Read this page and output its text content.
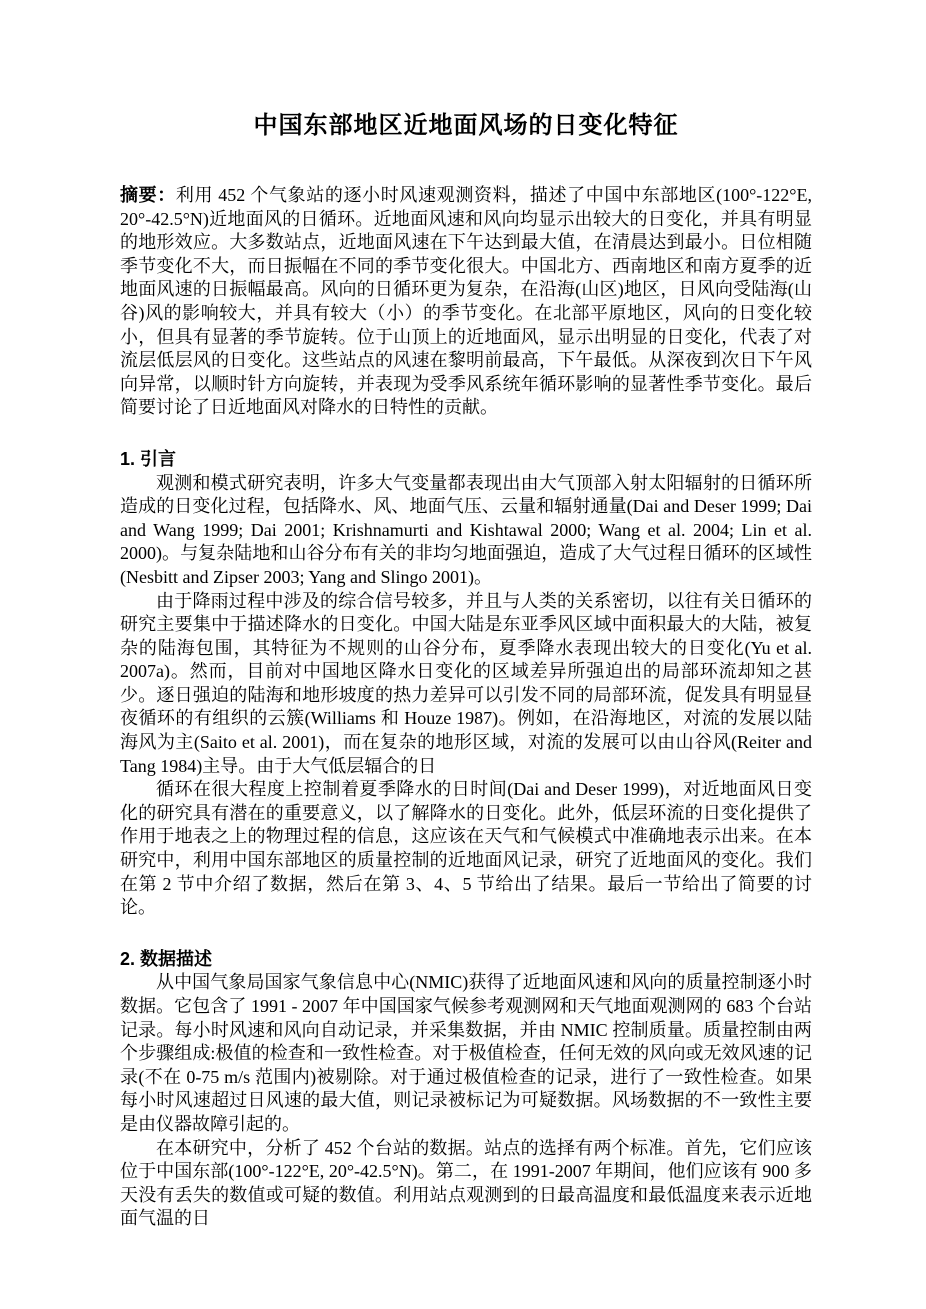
中国东部地区近地面风场的日变化特征

摘要：利用 452 个气象站的逐小时风速观测资料，描述了中国中东部地区(100°-122°E, 20°-42.5°N)近地面风的日循环。近地面风速和风向均显示出较大的日变化，并具有明显的地形效应。大多数站点，近地面风速在下午达到最大值，在清晨达到最小。日位相随季节变化不大，而日振幅在不同的季节变化很大。中国北方、西南地区和南方夏季的近地面风速的日振幅最高。风向的日循环更为复杂，在沿海(山区)地区，日风向受陆海(山谷)风的影响较大，并具有较大（小）的季节变化。在北部平原地区，风向的日变化较小，但具有显著的季节旋转。位于山顶上的近地面风，显示出明显的日变化，代表了对流层低层风的日变化。这些站点的风速在黎明前最高，下午最低。从深夜到次日下午风向异常，以顺时针方向旋转，并表现为受季风系统年循环影响的显著性季节变化。最后简要讨论了日近地面风对降水的日特性的贡献。

1. 引言

观测和模式研究表明，许多大气变量都表现出由大气顶部入射太阳辐射的日循环所造成的日变化过程，包括降水、风、地面气压、云量和辐射通量(Dai and Deser 1999; Dai and Wang 1999; Dai 2001; Krishnamurti and Kishtawal 2000; Wang et al. 2004; Lin et al. 2000)。与复杂陆地和山谷分布有关的非均匀地面强迫，造成了大气过程日循环的区域性(Nesbitt and Zipser 2003; Yang and Slingo 2001)。

由于降雨过程中涉及的综合信号较多，并且与人类的关系密切，以往有关日循环的研究主要集中于描述降水的日变化。中国大陆是东亚季风区域中面积最大的大陆，被复杂的陆海包围，其特征为不规则的山谷分布，夏季降水表现出较大的日变化(Yu et al. 2007a)。然而，目前对中国地区降水日变化的区域差异所强迫出的局部环流却知之甚少。逐日强迫的陆海和地形坡度的热力差异可以引发不同的局部环流，促发具有明显昼夜循环的有组织的云簇(Williams 和 Houze 1987)。例如，在沿海地区，对流的发展以陆海风为主(Saito et al. 2001)，而在复杂的地形区域，对流的发展可以由山谷风(Reiter and Tang 1984)主导。由于大气低层辐合的日

循环在很大程度上控制着夏季降水的日时间(Dai and Deser 1999)，对近地面风日变化的研究具有潜在的重要意义，以了解降水的日变化。此外，低层环流的日变化提供了作用于地表之上的物理过程的信息，这应该在天气和气候模式中准确地表示出来。在本研究中，利用中国东部地区的质量控制的近地面风记录，研究了近地面风的变化。我们在第 2 节中介绍了数据，然后在第 3、4、5 节给出了结果。最后一节给出了简要的讨论。

2. 数据描述

从中国气象局国家气象信息中心(NMIC)获得了近地面风速和风向的质量控制逐小时数据。它包含了 1991 - 2007 年中国国家气候参考观测网和天气地面观测网的 683 个台站记录。每小时风速和风向自动记录，并采集数据，并由 NMIC 控制质量。质量控制由两个步骤组成:极值的检查和一致性检查。对于极值检查，任何无效的风向或无效风速的记录(不在 0-75 m/s 范围内)被剔除。对于通过极值检查的记录，进行了一致性检查。如果每小时风速超过日风速的最大值，则记录被标记为可疑数据。风场数据的不一致性主要是由仪器故障引起的。

在本研究中，分析了 452 个台站的数据。站点的选择有两个标准。首先，它们应该位于中国东部(100°-122°E, 20°-42.5°N)。第二，在 1991-2007 年期间，他们应该有 900 多天没有丢失的数值或可疑的数值。利用站点观测到的日最高温度和最低温度来表示近地面气温的日
